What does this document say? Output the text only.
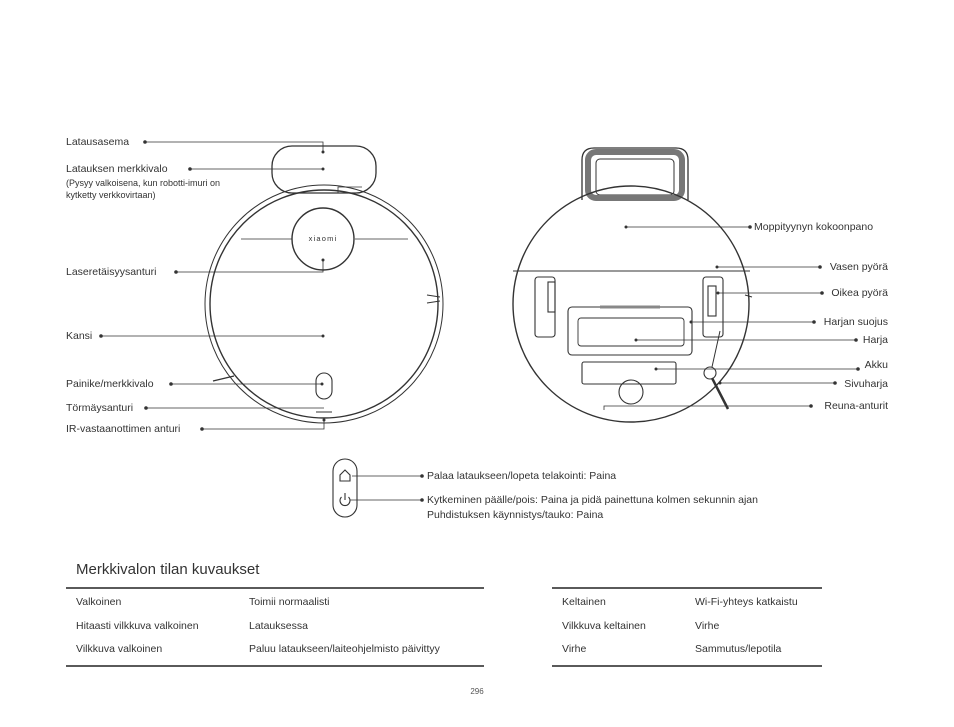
xiaomi
Latausasema
Latauksen merkkivalo
(Pysyy valkoisena, kun robotti-imuri on kytketty verkkovirtaan)
Laseretäisyysanturi
Kansi
Painike/merkkivalo
Törmäysanturi
IR-vastaanottimen anturi
Moppityynyn kokoonpano
Vasen pyörä
Oikea pyörä
Harjan suojus
Harja
Akku
Sivuharja
Reuna-anturit
Palaa lataukseen/lopeta telakointi: Paina
Kytkeminen päälle/pois: Paina ja pidä painettuna kolmen sekunnin ajan
Puhdistuksen käynnistys/tauko: Paina
Merkkivalon tilan kuvaukset
Valkoinen	Toimii normaalisti
Hitaasti vilkkuva valkoinen	Latauksessa
Vilkkuva valkoinen	Paluu lataukseen/laiteohjelmisto päivittyy
Keltainen	Wi-Fi-yhteys katkaistu
Vilkkuva keltainen	Virhe
Virhe	Sammutus/lepotila
296
